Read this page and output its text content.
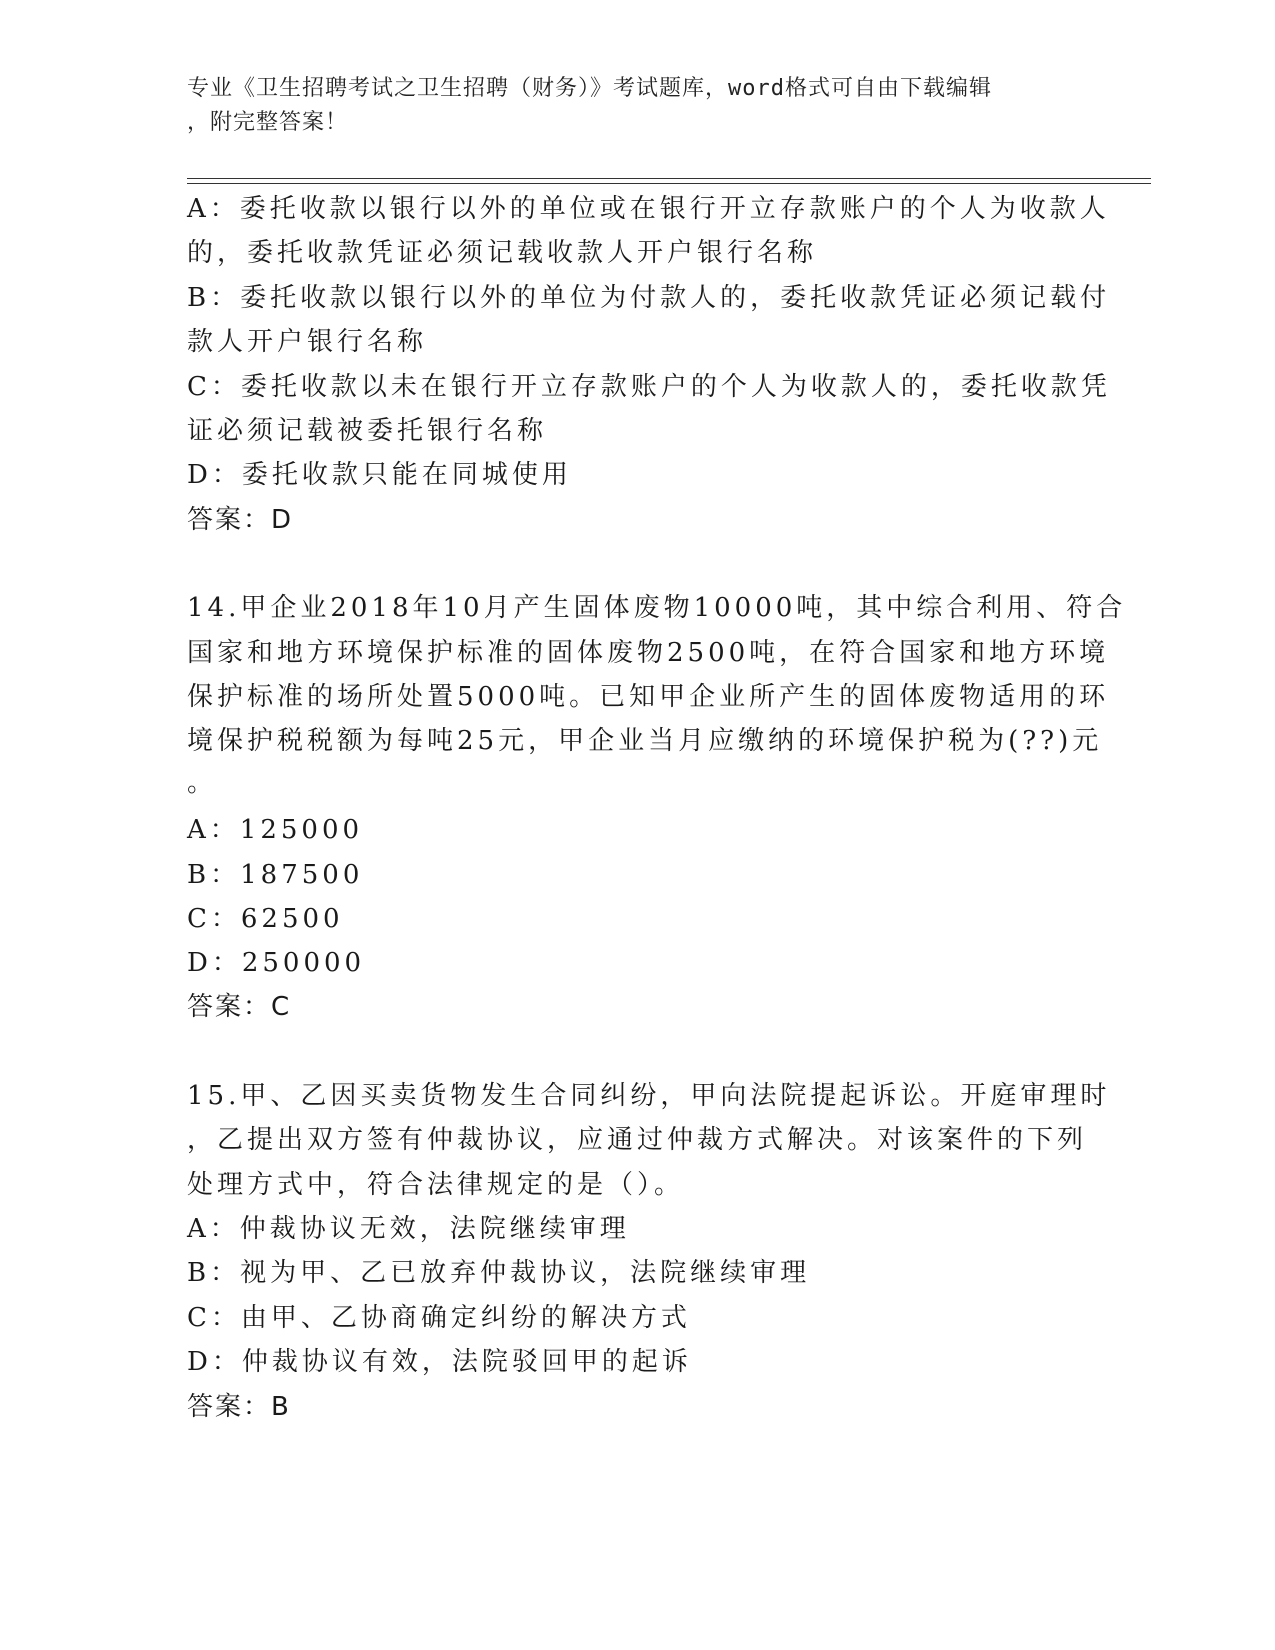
专业《卫生招聘考试之卫生招聘（财务）》考试题库，word格式可自由下载编辑
，附完整答案！
A：委托收款以银行以外的单位或在银行开立存款账户的个人为收款人
的，委托收款凭证必须记载收款人开户银行名称
B：委托收款以银行以外的单位为付款人的，委托收款凭证必须记载付
款人开户银行名称
C：委托收款以未在银行开立存款账户的个人为收款人的，委托收款凭
证必须记载被委托银行名称
D：委托收款只能在同城使用
答案：D
14.甲企业2018年10月产生固体废物10000吨，其中综合利用、符合
国家和地方环境保护标准的固体废物2500吨，在符合国家和地方环境
保护标准的场所处置5000吨。已知甲企业所产生的固体废物适用的环
境保护税税额为每吨25元，甲企业当月应缴纳的环境保护税为(??)元
。
A：125000
B：187500
C：62500
D：250000
答案：C
15.甲、乙因买卖货物发生合同纠纷，甲向法院提起诉讼。开庭审理时
，乙提出双方签有仲裁协议，应通过仲裁方式解决。对该案件的下列
处理方式中，符合法律规定的是（）。
A：仲裁协议无效，法院继续审理
B：视为甲、乙已放弃仲裁协议，法院继续审理
C：由甲、乙协商确定纠纷的解决方式
D：仲裁协议有效，法院驳回甲的起诉
答案：B
